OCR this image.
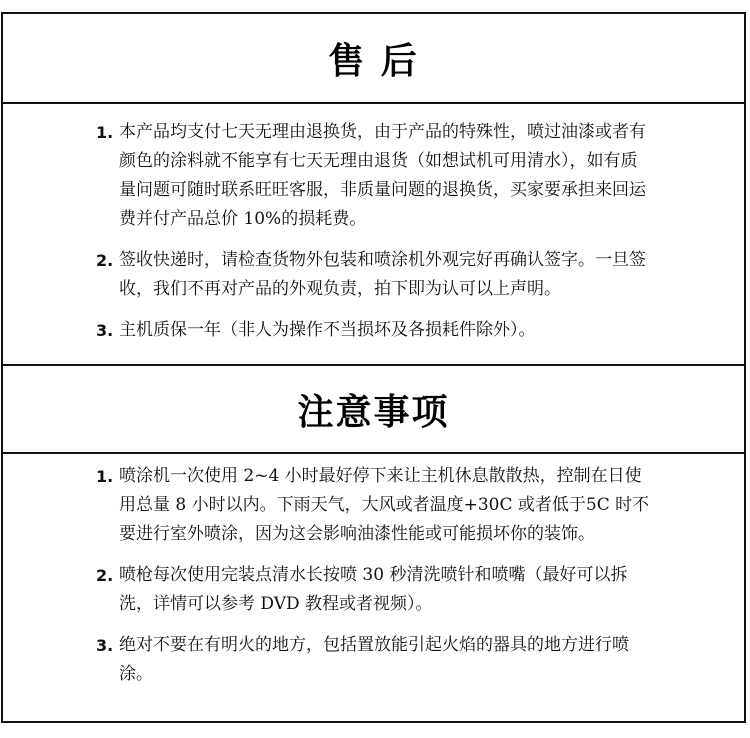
售 后
1. 本产品均支付七天无理由退换货，由于产品的特殊性，喷过油漆或者有颜色的涂料就不能享有七天无理由退货（如想试机可用清水），如有质量问题可随时联系旺旺客服，非质量问题的退换货，买家要承担来回运费并付产品总价 10%的损耗费。
2. 签收快递时，请检查货物外包装和喷涂机外观完好再确认签字。一旦签收，我们不再对产品的外观负责，拍下即为认可以上声明。
3. 主机质保一年（非人为操作不当损坏及各损耗件除外）。
注意事项
1. 喷涂机一次使用 2~4 小时最好停下来让主机休息散散热，控制在日使用总量 8 小时以内。下雨天气，大风或者温度+30C 或者低于5C 时不要进行室外喷涂，因为这会影响油漆性能或可能损坏你的装饰。
2. 喷枪每次使用完装点清水长按喷 30 秒清洗喷针和喷嘴（最好可以拆洗，详情可以参考 DVD 教程或者视频）。
3. 绝对不要在有明火的地方，包括置放能引起火焰的器具的地方进行喷涂。
